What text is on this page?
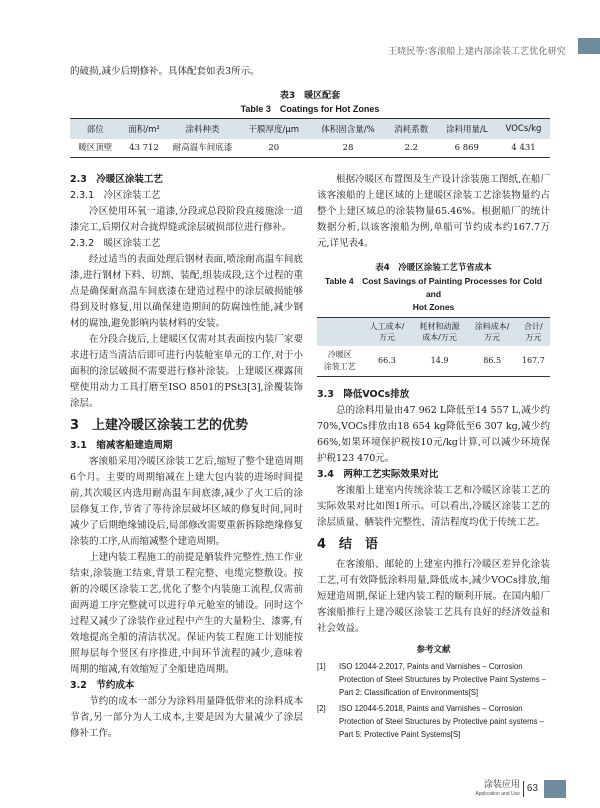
王晓民等:客滚船上建内部涂装工艺优化研究
的破损,减少后期修补。具体配套如表3所示。
表3　暖区配套
Table 3　Coatings for Hot Zones
部位	面积/m²	涂料种类	干膜厚度/μm	体积固含量/%	消耗系数	涂料用量/L	VOCs/kg
暖区顶壁	43 712	耐高温车间底漆	20	28	2.2	6 869	4 431
2.3　冷暖区涂装工艺
2.3.1　冷区涂装工艺
冷区使用环氧一道漆,分段或总段阶段直接施涂一道漆完工,后期仅对合拢焊缝或涂层破损部位进行修补。
2.3.2　暖区涂装工艺
经过适当的表面处理后钢材表面,喷涂耐高温车间底漆,进行钢材下料、切割、装配,组装成段,这个过程的重点是确保耐高温车间底漆在建造过程中的涂层破损能够得到及时修复,用以确保建造期间的防腐蚀性能,减少钢材的腐蚀,避免影响内装材料的安装。
在分段合拢后,上建暖区仅需对其表面按内装厂家要求进行适当清洁后即可进行内装舱室单元的工作,对于小面积的涂层破损不需要进行修补涂装。上建暖区裸露顶壁使用动力工具打磨至ISO 8501的PSt3[3],涂覆装饰涂层。
3　上建冷暖区涂装工艺的优势
3.1　缩减客船建造周期
客滚船采用冷暖区涂装工艺后,缩短了整个建造周期6个月。主要的周期缩减在上建大包内装的进场时间提前,其次暖区内选用耐高温车间底漆,减少了火工后的涂层修复工作,节省了等待涂层破坏区域的修复时间,同时减少了后期绝缘铺设后,局部修改需要重新拆除绝缘修复涂装的工序,从而缩减整个建造周期。
上建内装工程施工的前提是舾装件完整性,热工作业结束,涂装施工结束,背景工程完整、电缆完整敷设。按新的冷暖区涂装工艺,优化了整个内装施工流程,仅需前面两道工序完整就可以进行单元舱室的铺设。同时这个过程又减少了涂装作业过程中产生的大量粉尘、漆雾,有效地提高全船的清洁状况。保证内装工程施工计划能按照每层每个竖区有序推进,中间环节流程的减少,意味着周期的缩减,有效缩短了全船建造周期。
3.2　节约成本
节约的成本一部分为涂料用量降低带来的涂料成本节省,另一部分为人工成本,主要是因为大量减少了涂层修补工作。
根据冷暖区布置图及生产设计涂装施工图纸,在船厂该客滚船的上建区域的上建暖区涂装工艺涂装物量约占整个上建区域总的涂装物量65.46%。根据船厂的统计数据分析,以该客滚船为例,单船可节约成本约167.7万元,详见表4。
表4　冷暖区涂装工艺节省成本
Table 4　Cost Savings of Painting Processes for Cold and
Hot Zones
	人工成本/
万元	耗材和动源
成本/万元	涂料成本/
万元	合计/
万元
冷暖区
涂装工艺	66.3	14.9	86.5	167.7
3.3　降低VOCs排放
总的涂料用量由47 962 L降低至14 557 L,减少约70%,VOCs排放由18 654 kg降低至6 307 kg,减少约66%,如果环境保护税按10元/kg计算,可以减少环境保护税123 470元。
3.4　两种工艺实际效果对比
客滚船上建室内传统涂装工艺和冷暖区涂装工艺的实际效果对比如图1所示。可以看出,冷暖区涂装工艺的涂层质量、舾装件完整性、清洁程度均优于传统工艺。
4　结　语
在客滚船、邮轮的上建室内推行冷暖区差异化涂装工艺,可有效降低涂料用量,降低成本,减少VOCs排放,缩短建造周期,保证上建内装工程的顺利开展。在国内船厂客滚船推行上建冷暖区涂装工艺具有良好的经济效益和社会效益。
参考文献
[1]	ISO 12044-2.2017, Paints and Varnishes – Corrosion Protection of Steel Structures by Protective Paint Systems – Part 2: Classification of Environments[S]
[2]	ISO 12044-5.2018, Paints and Varnishes – Corrosion Protection of Steel Structures by Protective paint systems – Part 5: Protective Paint Systems[S]
涂装应用
Application and Use 63
